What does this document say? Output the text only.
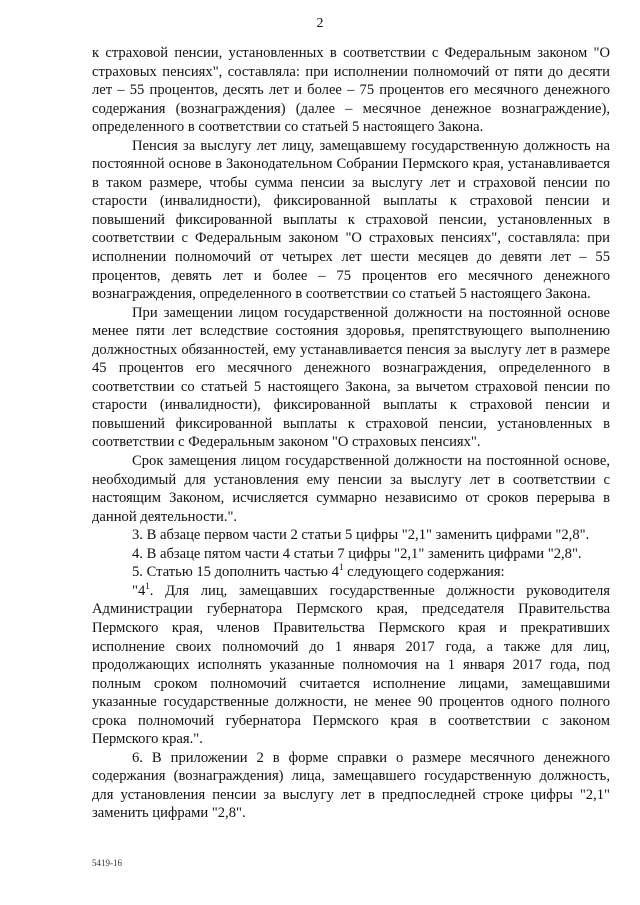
2

к страховой пенсии, установленных в соответствии с Федеральным законом "О страховых пенсиях", составляла: при исполнении полномочий от пяти до десяти лет – 55 процентов, десять лет и более – 75 процентов его месячного денежного содержания (вознаграждения) (далее – месячное денежное вознаграждение), определенного в соответствии со статьей 5 настоящего Закона.

Пенсия за выслугу лет лицу, замещавшему государственную должность на постоянной основе в Законодательном Собрании Пермского края, устанавливается в таком размере, чтобы сумма пенсии за выслугу лет и страховой пенсии по старости (инвалидности), фиксированной выплаты к страховой пенсии и повышений фиксированной выплаты к страховой пенсии, установленных в соответствии с Федеральным законом "О страховых пенсиях", составляла: при исполнении полномочий от четырех лет шести месяцев до девяти лет – 55 процентов, девять лет и более – 75 процентов его месячного денежного вознаграждения, определенного в соответствии со статьей 5 настоящего Закона.

При замещении лицом государственной должности на постоянной основе менее пяти лет вследствие состояния здоровья, препятствующего выполнению должностных обязанностей, ему устанавливается пенсия за выслугу лет в размере 45 процентов его месячного денежного вознаграждения, определенного в соответствии со статьей 5 настоящего Закона, за вычетом страховой пенсии по старости (инвалидности), фиксированной выплаты к страховой пенсии и повышений фиксированной выплаты к страховой пенсии, установленных в соответствии с Федеральным законом "О страховых пенсиях".

Срок замещения лицом государственной должности на постоянной основе, необходимый для установления ему пенсии за выслугу лет в соответствии с настоящим Законом, исчисляется суммарно независимо от сроков перерыва в данной деятельности.".

3. В абзаце первом части 2 статьи 5 цифры "2,1" заменить цифрами "2,8".

4. В абзаце пятом части 4 статьи 7 цифры "2,1" заменить цифрами "2,8".

5. Статью 15 дополнить частью $4^1$ следующего содержания:

"$4^1$. Для лиц, замещавших государственные должности руководителя Администрации губернатора Пермского края, председателя Правительства Пермского края, членов Правительства Пермского края и прекративших исполнение своих полномочий до 1 января 2017 года, а также для лиц, продолжающих исполнять указанные полномочия на 1 января 2017 года, под полным сроком полномочий считается исполнение лицами, замещавшими указанные государственные должности, не менее 90 процентов одного полного срока полномочий губернатора Пермского края в соответствии с законом Пермского края.".

6. В приложении 2 в форме справки о размере месячного денежного содержания (вознаграждения) лица, замещавшего государственную должность, для установления пенсии за выслугу лет в предпоследней строке цифры "2,1" заменить цифрами "2,8".

5419-16
